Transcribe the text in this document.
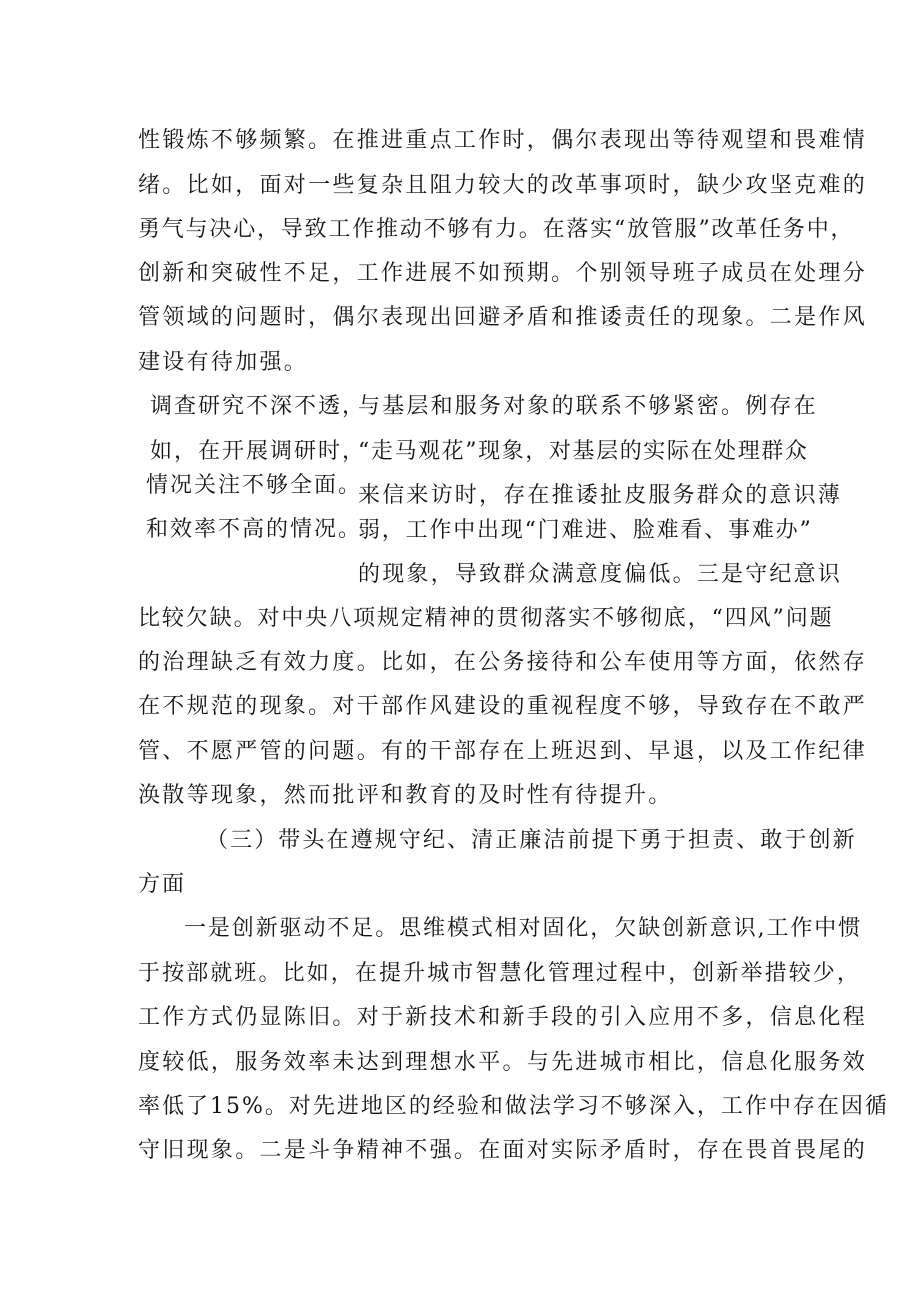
性锻炼不够频繁。在推进重点工作时，偶尔表现出等待观望和畏难情
绪。比如，面对一些复杂且阻力较大的改革事项时，缺少攻坚克难的
勇气与决心，导致工作推动不够有力。在落实“放管服”改革任务中，
创新和突破性不足，工作进展不如预期。个别领导班子成员在处理分
管领域的问题时，偶尔表现出回避矛盾和推诿责任的现象。二是作风
建设有待加强。
调查研究不深不透，
如，在开展调研时，
情况关注不够全面。
和效率不高的情况。
与基层和服务对象的联系不够紧密。例存在
“走马观花”现象，对基层的实际在处理群众
来信来访时，存在推诿扯皮服务群众的意识薄
弱，工作中出现“门难进、脸难看、事难办”
的现象，导致群众满意度偏低。三是守纪意识
比较欠缺。对中央八项规定精神的贯彻落实不够彻底，“四风”问题
的治理缺乏有效力度。比如，在公务接待和公车使用等方面，依然存
在不规范的现象。对干部作风建设的重视程度不够，导致存在不敢严
管、不愿严管的问题。有的干部存在上班迟到、早退，以及工作纪律
涣散等现象，然而批评和教育的及时性有待提升。
（三）带头在遵规守纪、清正廉洁前提下勇于担责、敢于创新
方面
一是创新驱动不足。思维模式相对固化，欠缺创新意识,工作中惯
于按部就班。比如，在提升城市智慧化管理过程中，创新举措较少，
工作方式仍显陈旧。对于新技术和新手段的引入应用不多，信息化程
度较低，服务效率未达到理想水平。与先进城市相比，信息化服务效
率低了15%。对先进地区的经验和做法学习不够深入，工作中存在因循
守旧现象。二是斗争精神不强。在面对实际矛盾时，存在畏首畏尾的
